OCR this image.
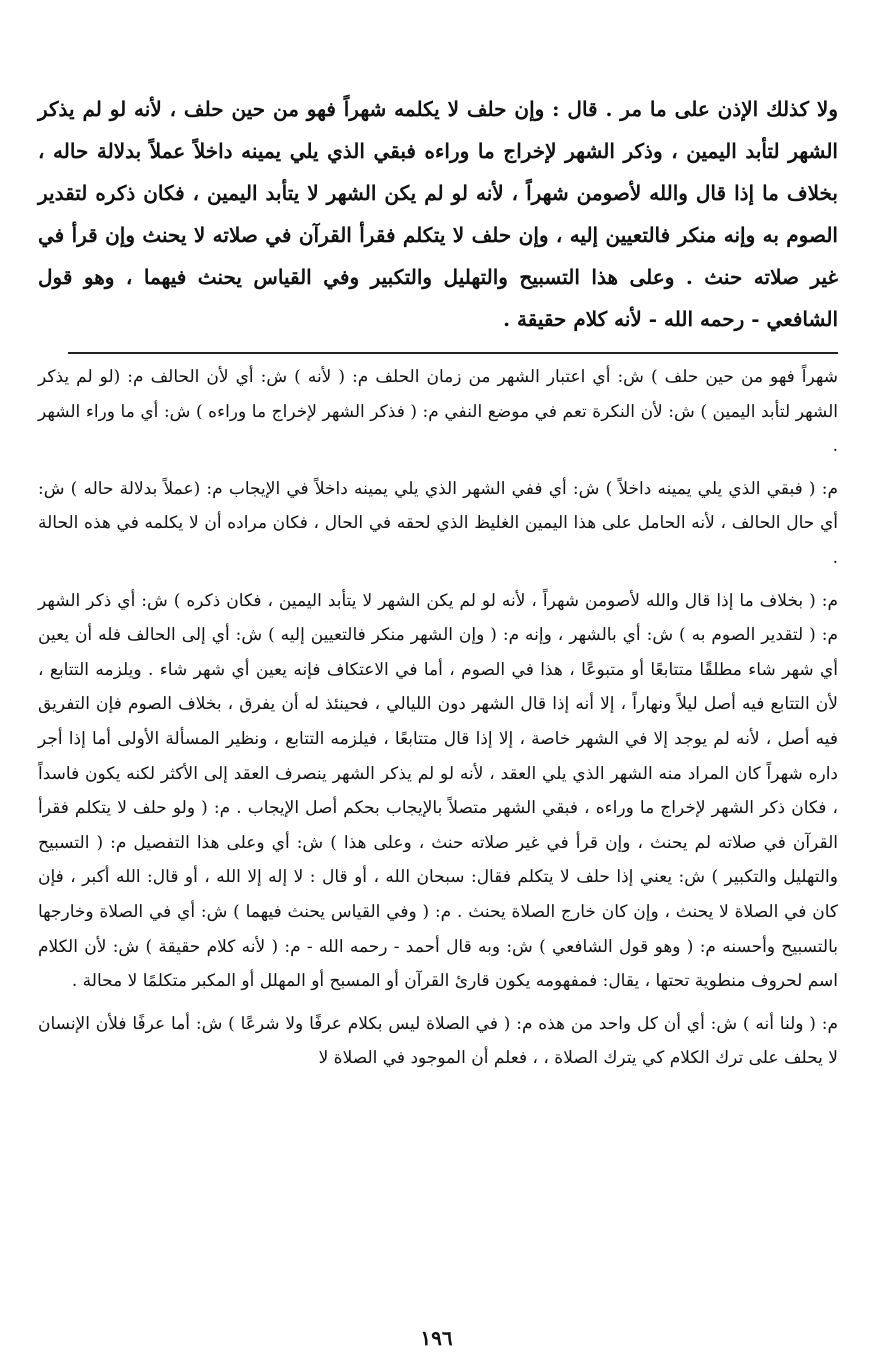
ولا كذلك الإذن على ما مر . قال : وإن حلف لا يكلمه شهراً فهو من حين حلف ، لأنه لو لم يذكر الشهر لتأبد اليمين ، وذكر الشهر لإخراج ما وراءه فبقي الذي يلي يمينه داخلاً عملاً بدلالة حاله ، بخلاف ما إذا قال والله لأصومن شهراً ، لأنه لو لم يكن الشهر لا يتأبد اليمين ، فكان ذكره لتقدير الصوم به وإنه منكر فالتعيين إليه ، وإن حلف لا يتكلم فقرأ القرآن في صلاته لا يحنث وإن قرأ في غير صلاته حنث . وعلى هذا التسبيح والتهليل والتكبير وفي القياس يحنث فيهما ، وهو قول الشافعي - رحمه الله - لأنه كلام حقيقة .

شهراً فهو من حين حلف ) ش: أي اعتبار الشهر من زمان الحلف م: ( لأنه ) ش: أي لأن الحالف م: (لو لم يذكر الشهر لتأبد اليمين ) ش: لأن النكرة تعم في موضع النفي م: ( فذكر الشهر لإخراج ما وراءه ) ش: أي ما وراء الشهر .

م: ( فبقي الذي يلي يمينه داخلاً ) ش: أي ففي الشهر الذي يلي يمينه داخلاً في الإيجاب م: (عملاً بدلالة حاله ) ش: أي حال الحالف ، لأنه الحامل على هذا اليمين الغليظ الذي لحقه في الحال ، فكان مراده أن لا يكلمه في هذه الحالة .

م: ( بخلاف ما إذا قال والله لأصومن شهراً ، لأنه لو لم يكن الشهر لا يتأبد اليمين ، فكان ذكره ) ش: أي ذكر الشهر م: ( لتقدير الصوم به ) ش: أي بالشهر ، وإنه م: ( وإن الشهر منكر فالتعيين إليه ) ش: أي إلى الحالف فله أن يعين أي شهر شاء مطلقًا متتابعًا أو متبوعًا ، هذا في الصوم ، أما في الاعتكاف فإنه يعين أي شهر شاء . ويلزمه التتابع ، لأن التتابع فيه أصل ليلاً ونهاراً ، إلا أنه إذا قال الشهر دون الليالي ، فحينئذ له أن يفرق ، بخلاف الصوم فإن التفريق فيه أصل ، لأنه لم يوجد إلا في الشهر خاصة ، إلا إذا قال متتابعًا ، فيلزمه التتابع ، ونظير المسألة الأولى أما إذا أجر داره شهراً كان المراد منه الشهر الذي يلي العقد ، لأنه لو لم يذكر الشهر ينصرف العقد إلى الأكثر لكنه يكون فاسداً ، فكان ذكر الشهر لإخراج ما وراءه ، فبقي الشهر متصلاً بالإيجاب بحكم أصل الإيجاب . م: ( ولو حلف لا يتكلم فقرأ القرآن في صلاته لم يحنث ، وإن قرأ في غير صلاته حنث ، وعلى هذا ) ش: أي وعلى هذا التفصيل م: ( التسبيح والتهليل والتكبير ) ش: يعني إذا حلف لا يتكلم فقال: سبحان الله ، أو قال : لا إله إلا الله ، أو قال: الله أكبر ، فإن كان في الصلاة لا يحنث ، وإن كان خارج الصلاة يحنث . م: ( وفي القياس يحنث فيهما ) ش: أي في الصلاة وخارجها بالتسبيح وأحسنه م: ( وهو قول الشافعي ) ش: وبه قال أحمد - رحمه الله - م: ( لأنه كلام حقيقة ) ش: لأن الكلام اسم لحروف منطوية تحتها ، يقال: فمفهومه يكون قارئ القرآن أو المسبح أو المهلل أو المكبر متكلمًا لا محالة .

م: ( ولنا أنه ) ش: أي أن كل واحد من هذه م: ( في الصلاة ليس بكلام عرفًا ولا شرعًا ) ش: أما عرفًا فلأن الإنسان لا يحلف على ترك الكلام كي يترك الصلاة ، ، فعلم أن الموجود في الصلاة لا

١٩٦
